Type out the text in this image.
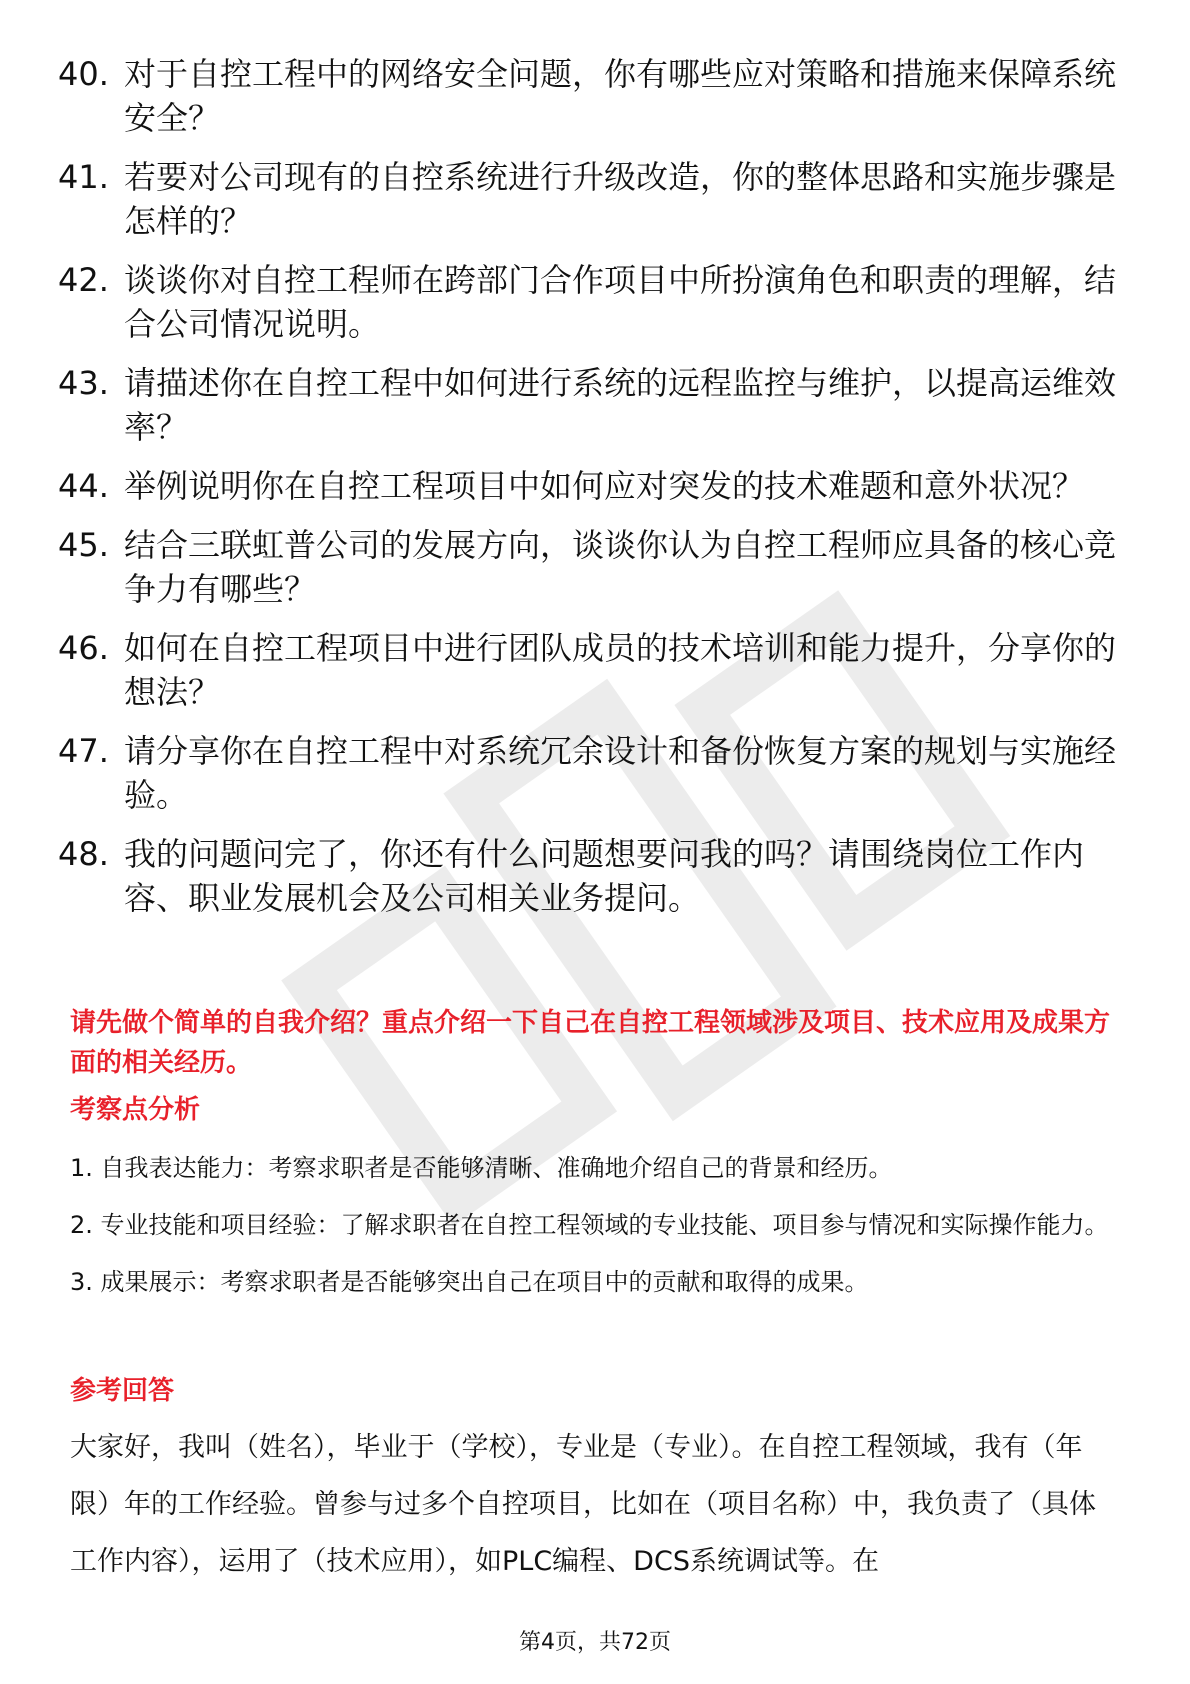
40. 对于自控工程中的网络安全问题，你有哪些应对策略和措施来保障系统安全？
41. 若要对公司现有的自控系统进行升级改造，你的整体思路和实施步骤是怎样的？
42. 谈谈你对自控工程师在跨部门合作项目中所扮演角色和职责的理解，结合公司情况说明。
43. 请描述你在自控工程中如何进行系统的远程监控与维护，以提高运维效率？
44. 举例说明你在自控工程项目中如何应对突发的技术难题和意外状况？
45. 结合三联虹普公司的发展方向，谈谈你认为自控工程师应具备的核心竞争力有哪些？
46. 如何在自控工程项目中进行团队成员的技术培训和能力提升，分享你的想法？
47. 请分享你在自控工程中对系统冗余设计和备份恢复方案的规划与实施经验。
48. 我的问题问完了，你还有什么问题想要问我的吗？请围绕岗位工作内容、职业发展机会及公司相关业务提问。

请先做个简单的自我介绍？重点介绍一下自己在自控工程领域涉及项目、技术应用及成果方面的相关经历。

考察点分析

1. 自我表达能力：考察求职者是否能够清晰、准确地介绍自己的背景和经历。

2. 专业技能和项目经验：了解求职者在自控工程领域的专业技能、项目参与情况和实际操作能力。

3. 成果展示：考察求职者是否能够突出自己在项目中的贡献和取得的成果。

参考回答

大家好，我叫（姓名），毕业于（学校），专业是（专业）。在自控工程领域，我有（年限）年的工作经验。曾参与过多个自控项目，比如在（项目名称）中，我负责了（具体工作内容），运用了（技术应用），如PLC编程、DCS系统调试等。在

第4页，共72页
